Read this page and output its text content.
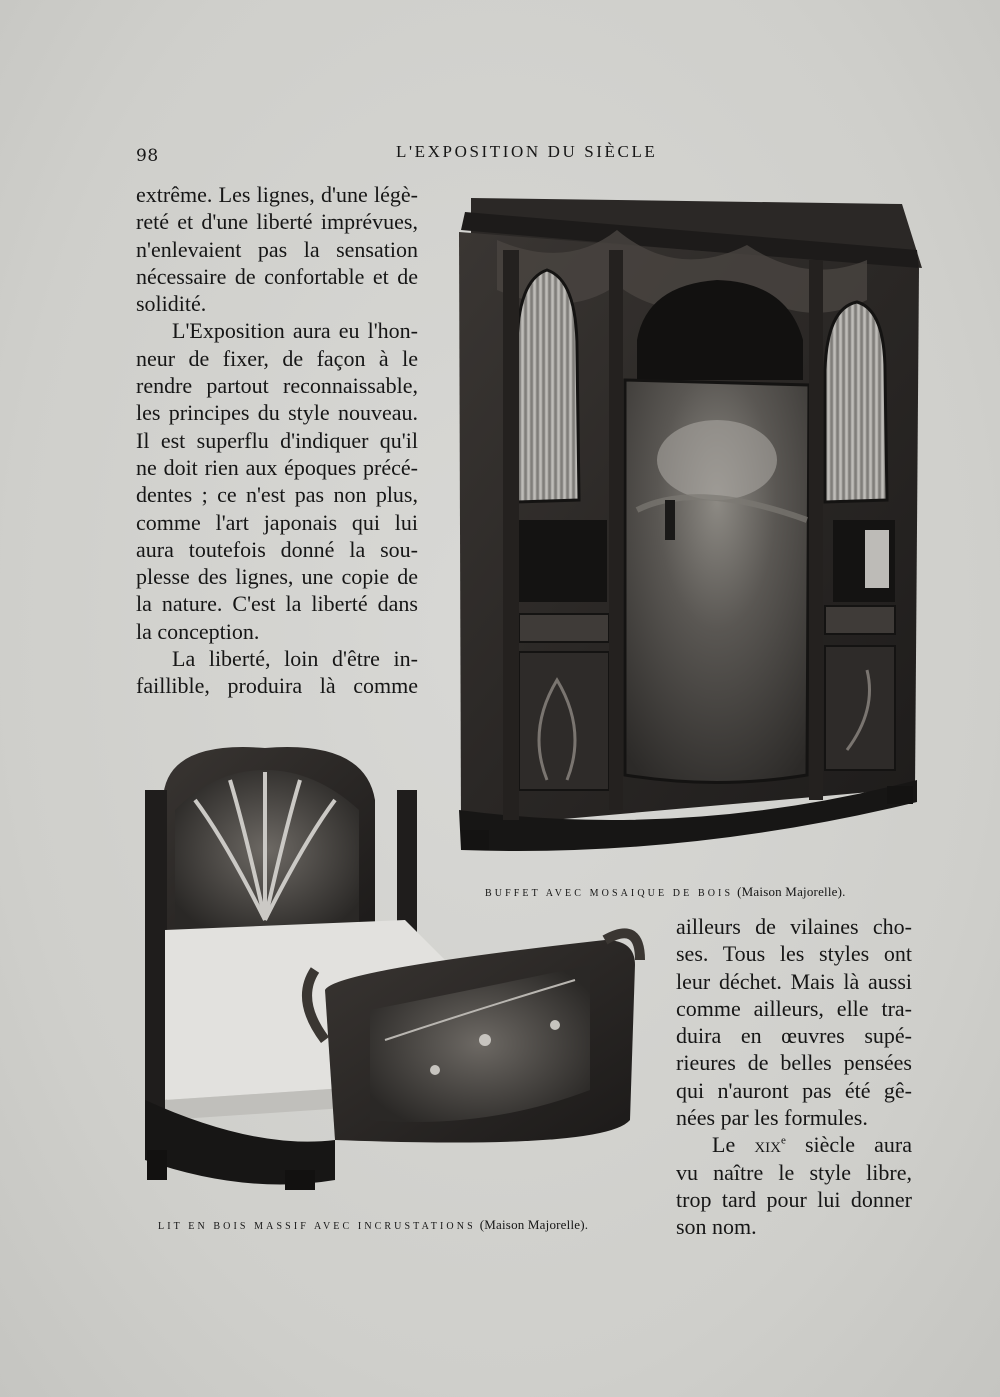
98	L'EXPOSITION DU SIÈCLE

extrême. Les lignes, d'une légè-
reté et d'une liberté imprévues,
n'enlevaient pas la sensation
nécessaire de confortable et de
solidité.

L'Exposition aura eu l'hon-
neur de fixer, de façon à le
rendre partout reconnaissable,
les principes du style nouveau.
Il est superflu d'indiquer qu'il
ne doit rien aux époques précé-
dentes ; ce n'est pas non plus,
comme l'art japonais qui lui
aura toutefois donné la sou-
plesse des lignes, une copie de
la nature. C'est la liberté dans
la conception.

La liberté, loin d'être in-
faillible, produira là comme

BUFFET AVEC MOSAIQUE DE BOIS (Maison Majorelle).
LIT EN BOIS MASSIF AVEC INCRUSTATIONS (Maison Majorelle).

ailleurs de vilaines cho-
ses. Tous les styles ont
leur déchet. Mais là aussi
comme ailleurs, elle tra-
duira en œuvres supé-
rieures de belles pensées
qui n'auront pas été gê-
nées par les formules.

Le xix$^e$ siècle aura
vu naître le style libre,
trop tard pour lui donner
son nom.
